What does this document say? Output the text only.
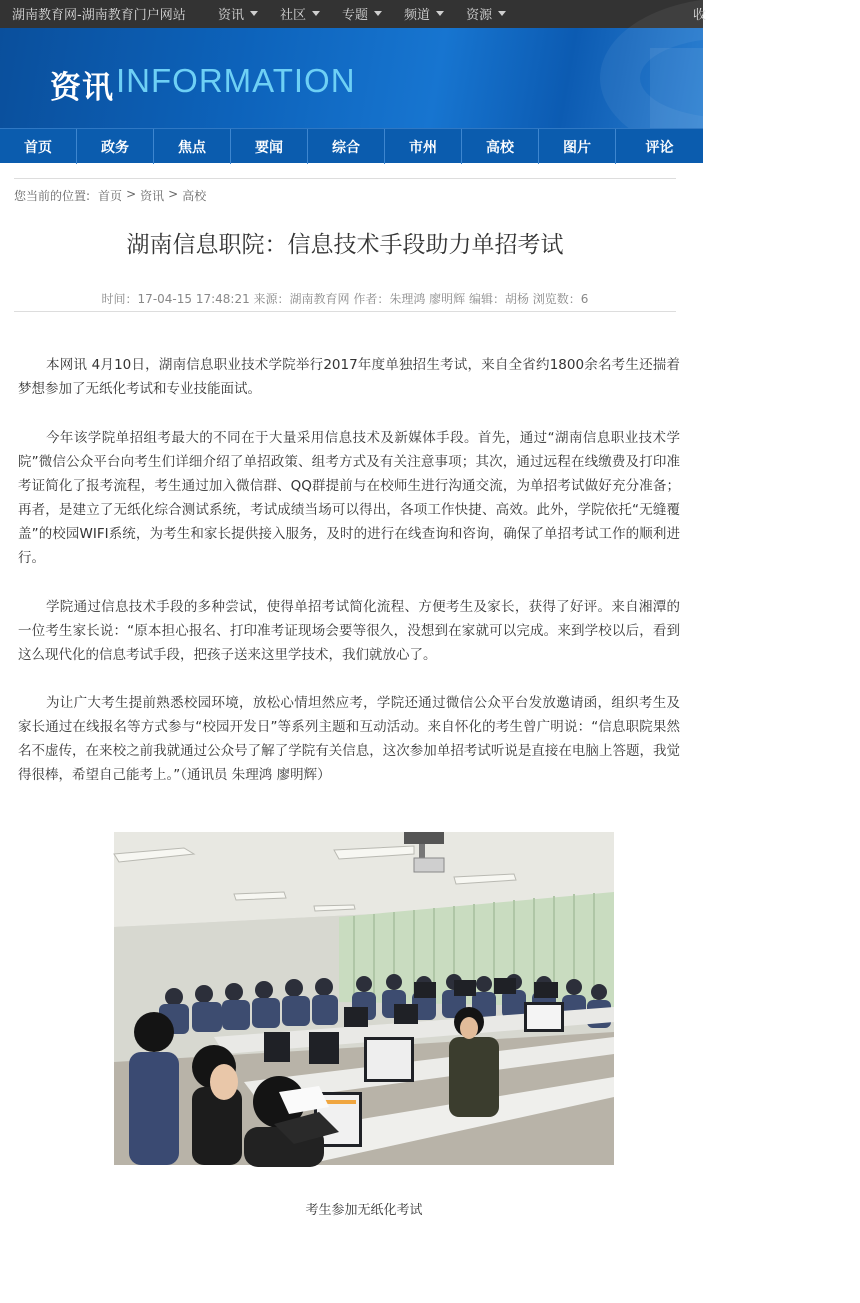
湖南教育网-湖南教育门户网站 资讯	社区	专题	频道	资源	收
资讯 INFORMATION
首页	政务	焦点	要闻	综合	市州	高校	图片	评论
您当前的位置: 首页 > 资讯 > 高校
湖南信息职院：信息技术手段助力单招考试
时间：17-04-15 17:48:21 来源：湖南教育网 作者：朱理鸿 廖明辉 编辑：胡杨 浏览数：6

本网讯 4月10日，湖南信息职业技术学院举行2017年度单独招生考试，来自全省约1800余名考生还揣着梦想参加了无纸化考试和专业技能面试。

今年该学院单招组考最大的不同在于大量采用信息技术及新媒体手段。首先，通过“湖南信息职业技术学院”微信公众平台向考生们详细介绍了单招政策、组考方式及有关注意事项；其次，通过远程在线缴费及打印准考证简化了报考流程，考生通过加入微信群、QQ群提前与在校师生进行沟通交流，为单招考试做好充分准备；再者，是建立了无纸化综合测试系统，考试成绩当场可以得出，各项工作快捷、高效。此外，学院依托“无缝覆盖”的校园WIFI系统，为考生和家长提供接入服务，及时的进行在线查询和咨询，确保了单招考试工作的顺利进行。

学院通过信息技术手段的多种尝试，使得单招考试简化流程、方便考生及家长，获得了好评。来自湘潭的一位考生家长说：“原本担心报名、打印准考证现场会要等很久，没想到在家就可以完成。来到学校以后，看到这么现代化的信息考试手段，把孩子送来这里学技术，我们就放心了。

为让广大考生提前熟悉校园环境，放松心情坦然应考，学院还通过微信公众平台发放邀请函，组织考生及家长通过在线报名等方式参与“校园开发日”等系列主题和互动活动。来自怀化的考生曾广明说：“信息职院果然名不虚传，在来校之前我就通过公众号了解了学院有关信息，这次参加单招考试听说是直接在电脑上答题，我觉得很棒，希望自己能考上。”（通讯员 朱理鸿 廖明辉）

考生参加无纸化考试
